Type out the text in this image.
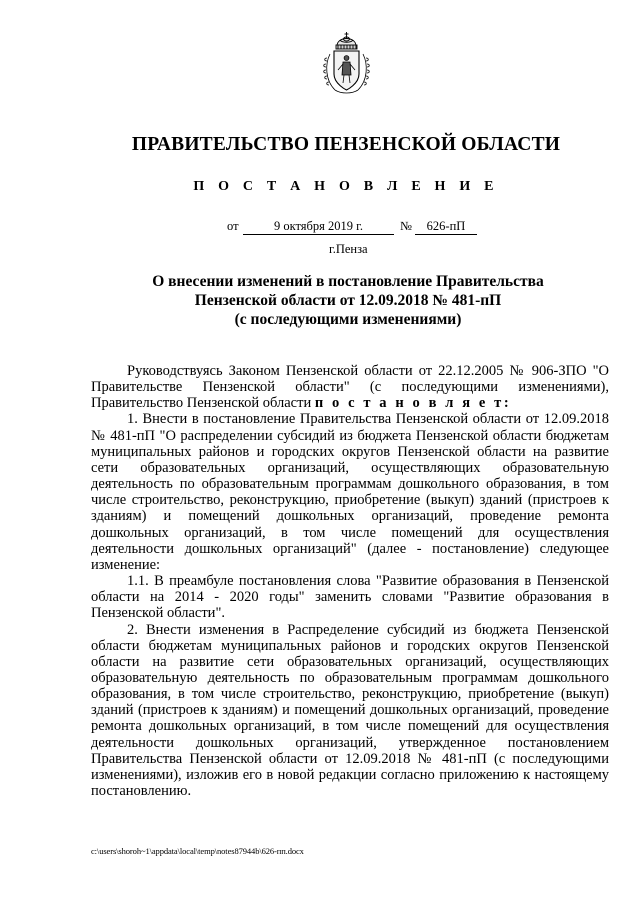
ПРАВИТЕЛЬСТВО ПЕНЗЕНСКОЙ ОБЛАСТИ
П О С Т А Н О В Л Е Н И Е
от	9 октября 2019 г.	№	626-пП
г.Пенза
О внесении изменений в постановление Правительства
Пензенской области от 12.09.2018 № 481-пП
(с последующими изменениями)

Руководствуясь Законом Пензенской области от 22.12.2005 № 906-ЗПО "О Правительстве Пензенской области" (с последующими изменениями), Правительство Пензенской области п о с т а н о в л я е т:

1. Внести в постановление Правительства Пензенской области от 12.09.2018 № 481-пП "О распределении субсидий из бюджета Пензенской области бюджетам муниципальных районов и городских округов Пензенской области на развитие сети образовательных организаций, осуществляющих образовательную деятельность по образовательным программам дошкольного образования, в том числе строительство, реконструкцию, приобретение (выкуп) зданий (пристроев к зданиям) и помещений дошкольных организаций, проведение ремонта дошкольных организаций, в том числе помещений для осуществления деятельности дошкольных организаций" (далее - постановление) следующее изменение:

1.1. В преамбуле постановления слова "Развитие образования в Пензенской области на 2014 - 2020 годы" заменить словами "Развитие образования в Пензенской области".

2. Внести изменения в Распределение субсидий из бюджета Пензенской области бюджетам муниципальных районов и городских округов Пензенской области на развитие сети образовательных организаций, осуществляющих образовательную деятельность по образовательным программам дошкольного образования, в том числе строительство, реконструкцию, приобретение (выкуп) зданий (пристроев к зданиям) и помещений дошкольных организаций, проведение ремонта дошкольных организаций, в том числе помещений для осуществления деятельности дошкольных организаций, утвержденное постановлением Правительства Пензенской области от 12.09.2018 № 481-пП (с последующими изменениями), изложив его в новой редакции согласно приложению к настоящему постановлению.

c:\users\shoroh~1\appdata\local\temp\notes87944b\626-пп.docx
